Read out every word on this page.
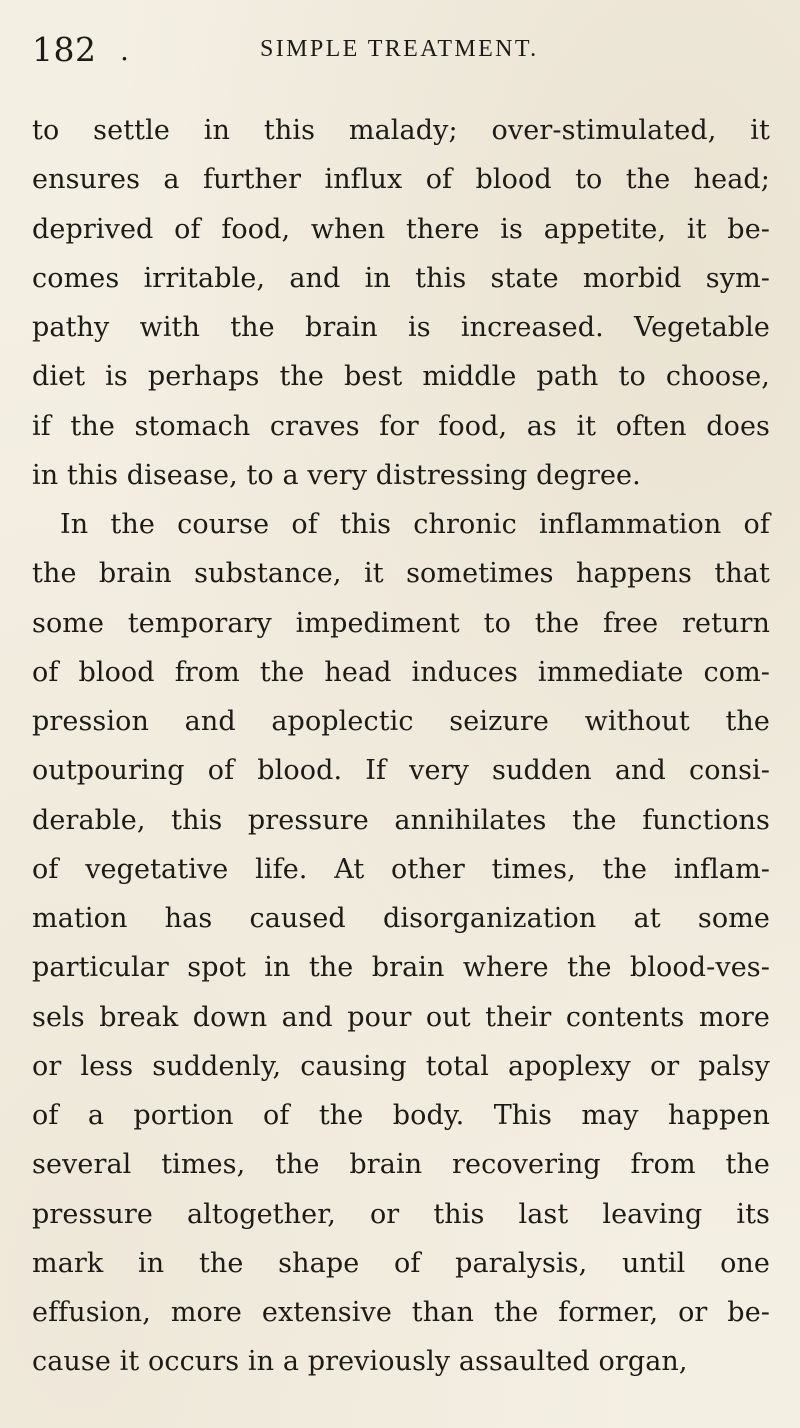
182 .	SIMPLE TREATMENT.
to settle in this malady; over-stimulated, it
ensures a further influx of blood to the head;
deprived of food, when there is appetite, it be-
comes irritable, and in this state morbid sym-
pathy with the brain is increased. Vegetable
diet is perhaps the best middle path to choose,
if the stomach craves for food, as it often does
in this disease, to a very distressing degree.
In the course of this chronic inflammation of
the brain substance, it sometimes happens that
some temporary impediment to the free return
of blood from the head induces immediate com-
pression and apoplectic seizure without the
outpouring of blood. If very sudden and consi-
derable, this pressure annihilates the functions
of vegetative life. At other times, the inflam-
mation has caused disorganization at some
particular spot in the brain where the blood-ves-
sels break down and pour out their contents more
or less suddenly, causing total apoplexy or palsy
of a portion of the body. This may happen
several times, the brain recovering from the
pressure altogether, or this last leaving its
mark in the shape of paralysis, until one
effusion, more extensive than the former, or be-
cause it occurs in a previously assaulted organ,
